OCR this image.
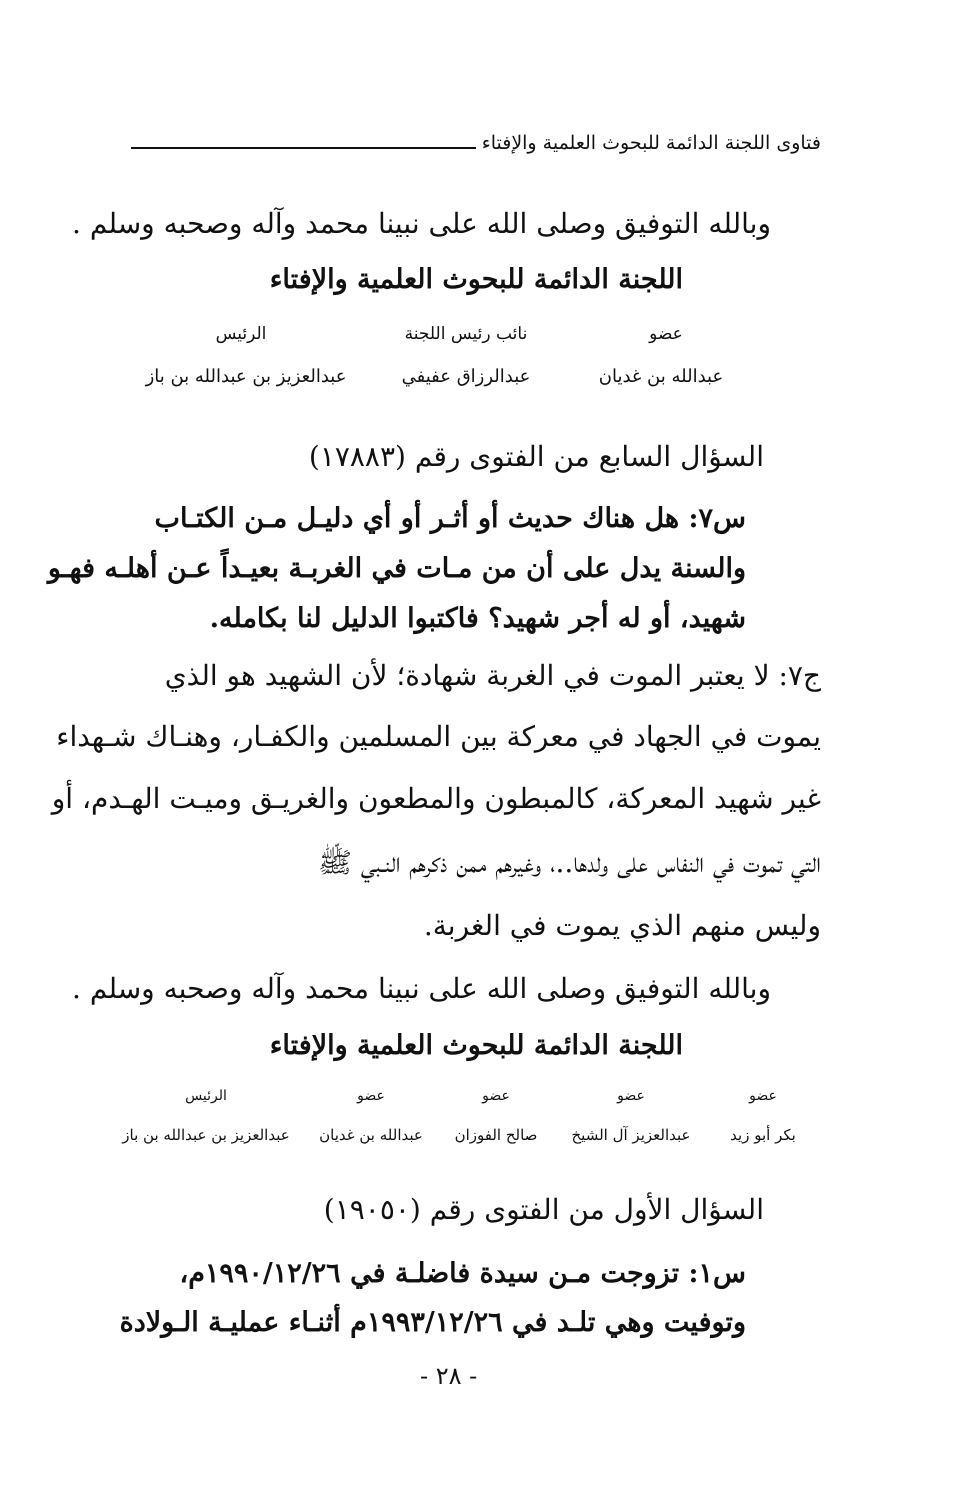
فتاوى اللجنة الدائمة للبحوث العلمية والإفتاء
وبالله التوفيق وصلى الله على نبينا محمد وآله وصحبه وسلم .
اللجنة الدائمة للبحوث العلمية والإفتاء
عضو
عبدالله بن غديان
نائب رئيس اللجنة
عبدالرزاق عفيفي
الرئيس
عبدالعزيز بن عبدالله بن باز
السؤال السابع من الفتوى رقم (١٧٨٨٣)
س٧: هل هناك حديث أو أثـر أو أي دليـل مـن الكتـاب
والسنة يدل على أن من مـات في الغربـة بعيـداً عـن أهلـه فهـو
شهيد، أو له أجر شهيد؟ فاكتبوا الدليل لنا بكامله.
ج٧: لا يعتبر الموت في الغربة شهادة؛ لأن الشهيد هو الذي
يموت في الجهاد في معركة بين المسلمين والكفـار، وهنـاك شـهداء
غير شهيد المعركة، كالمبطون والمطعون والغريـق وميـت الهـدم، أو
التي تموت في النفاس على ولدها..، وغيرهم ممن ذكرهم النـبي ﷺ
وليس منهم الذي يموت في الغربة.
وبالله التوفيق وصلى الله على نبينا محمد وآله وصحبه وسلم .
اللجنة الدائمة للبحوث العلمية والإفتاء
عضو
بكر أبو زيد
عضو
عبدالعزيز آل الشيخ
عضو
صالح الفوزان
عضو
عبدالله بن غديان
الرئيس
عبدالعزيز بن عبدالله بن باز
السؤال الأول من الفتوى رقم (١٩٠٥٠)
س١: تزوجت مـن سيدة فاضلـة في ١٩٩٠/١٢/٢٦م،
وتوفيت وهي تلـد في ١٩٩٣/١٢/٢٦م أثنـاء عمليـة الـولادة
- ٢٨ -
